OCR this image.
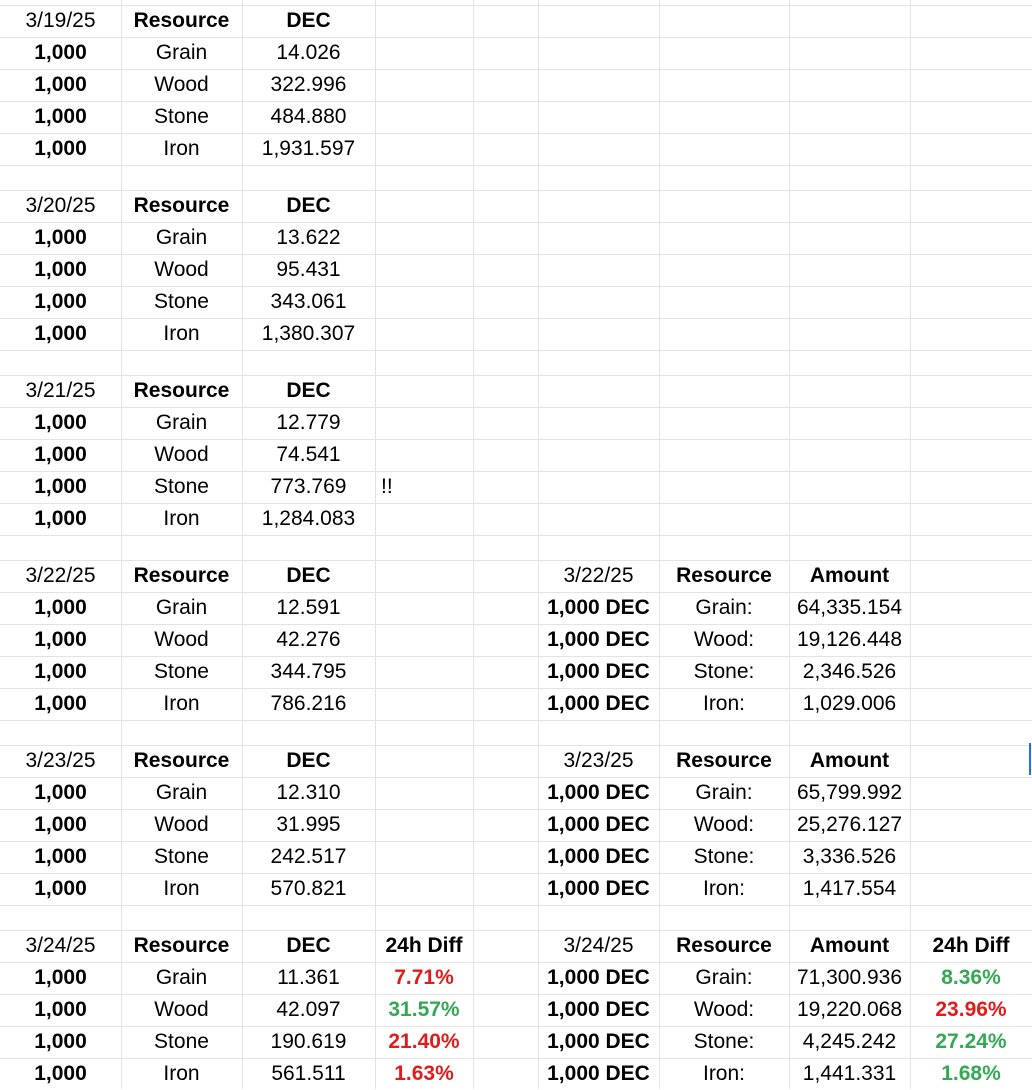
3/19/25	Resource	DEC
1,000	Grain	14.026
1,000	Wood	322.996
1,000	Stone	484.880
1,000	Iron	1,931.597
3/20/25	Resource	DEC
1,000	Grain	13.622
1,000	Wood	95.431
1,000	Stone	343.061
1,000	Iron	1,380.307
3/21/25	Resource	DEC
1,000	Grain	12.779
1,000	Wood	74.541
1,000	Stone	773.769	!!
1,000	Iron	1,284.083
3/22/25	Resource	DEC
1,000	Grain	12.591
1,000	Wood	42.276
1,000	Stone	344.795
1,000	Iron	786.216
3/23/25	Resource	DEC
1,000	Grain	12.310
1,000	Wood	31.995
1,000	Stone	242.517
1,000	Iron	570.821
3/24/25	Resource	DEC	24h Diff
1,000	Grain	11.361	7.71%
1,000	Wood	42.097	31.57%
1,000	Stone	190.619	21.40%
1,000	Iron	561.511	1.63%
3/22/25	Resource	Amount
1,000 DEC	Grain:	64,335.154
1,000 DEC	Wood:	19,126.448
1,000 DEC	Stone:	2,346.526
1,000 DEC	Iron:	1,029.006
3/23/25	Resource	Amount
1,000 DEC	Grain:	65,799.992
1,000 DEC	Wood:	25,276.127
1,000 DEC	Stone:	3,336.526
1,000 DEC	Iron:	1,417.554
3/24/25	Resource	Amount	24h Diff
1,000 DEC	Grain:	71,300.936	8.36%
1,000 DEC	Wood:	19,220.068	23.96%
1,000 DEC	Stone:	4,245.242	27.24%
1,000 DEC	Iron:	1,441.331	1.68%
